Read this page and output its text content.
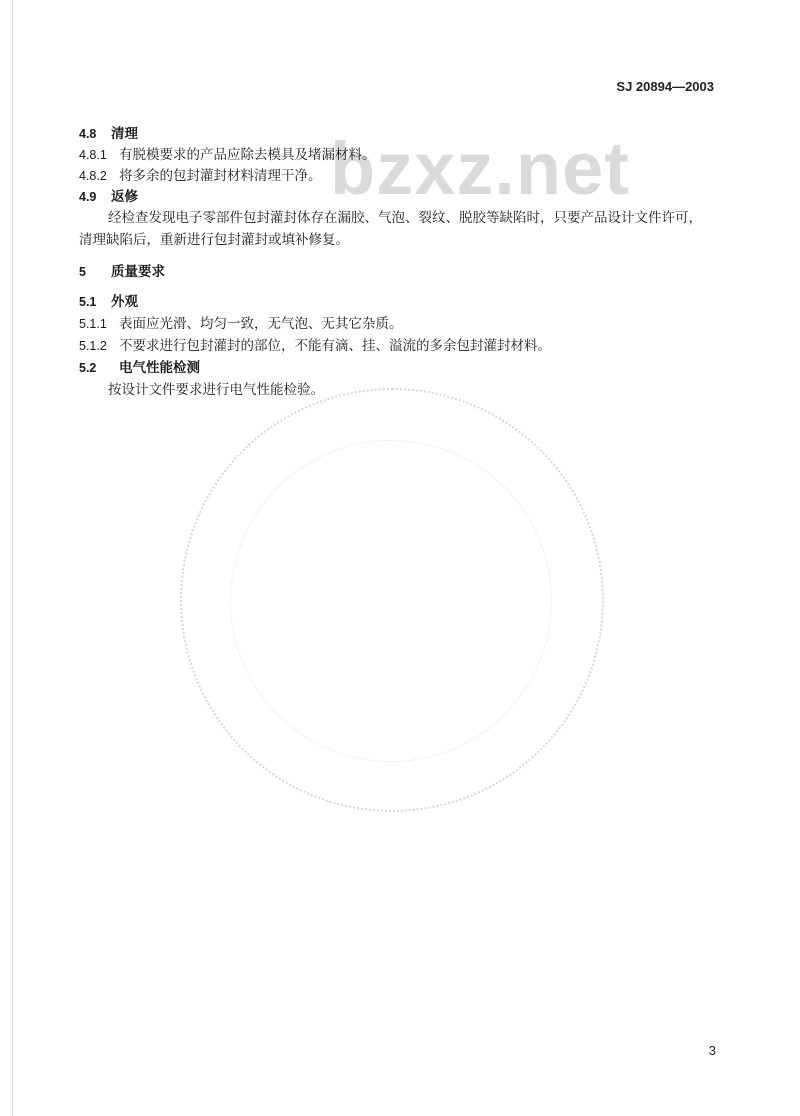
bzxz.net
SJ 20894—2003
4.8 清理
4.8.1 有脱模要求的产品应除去模具及堵漏材料。
4.8.2 将多余的包封灌封材料清理干净。
4.9 返修
经检查发现电子零部件包封灌封体存在漏胶、气泡、裂纹、脱胶等缺陷时，只要产品设计文件许可，
清理缺陷后，重新进行包封灌封或填补修复。
5 质量要求
5.1 外观
5.1.1 表面应光滑、均匀一致，无气泡、无其它杂质。
5.1.2 不要求进行包封灌封的部位，不能有滴、挂、溢流的多余包封灌封材料。
5.2 电气性能检测
按设计文件要求进行电气性能检验。
3
